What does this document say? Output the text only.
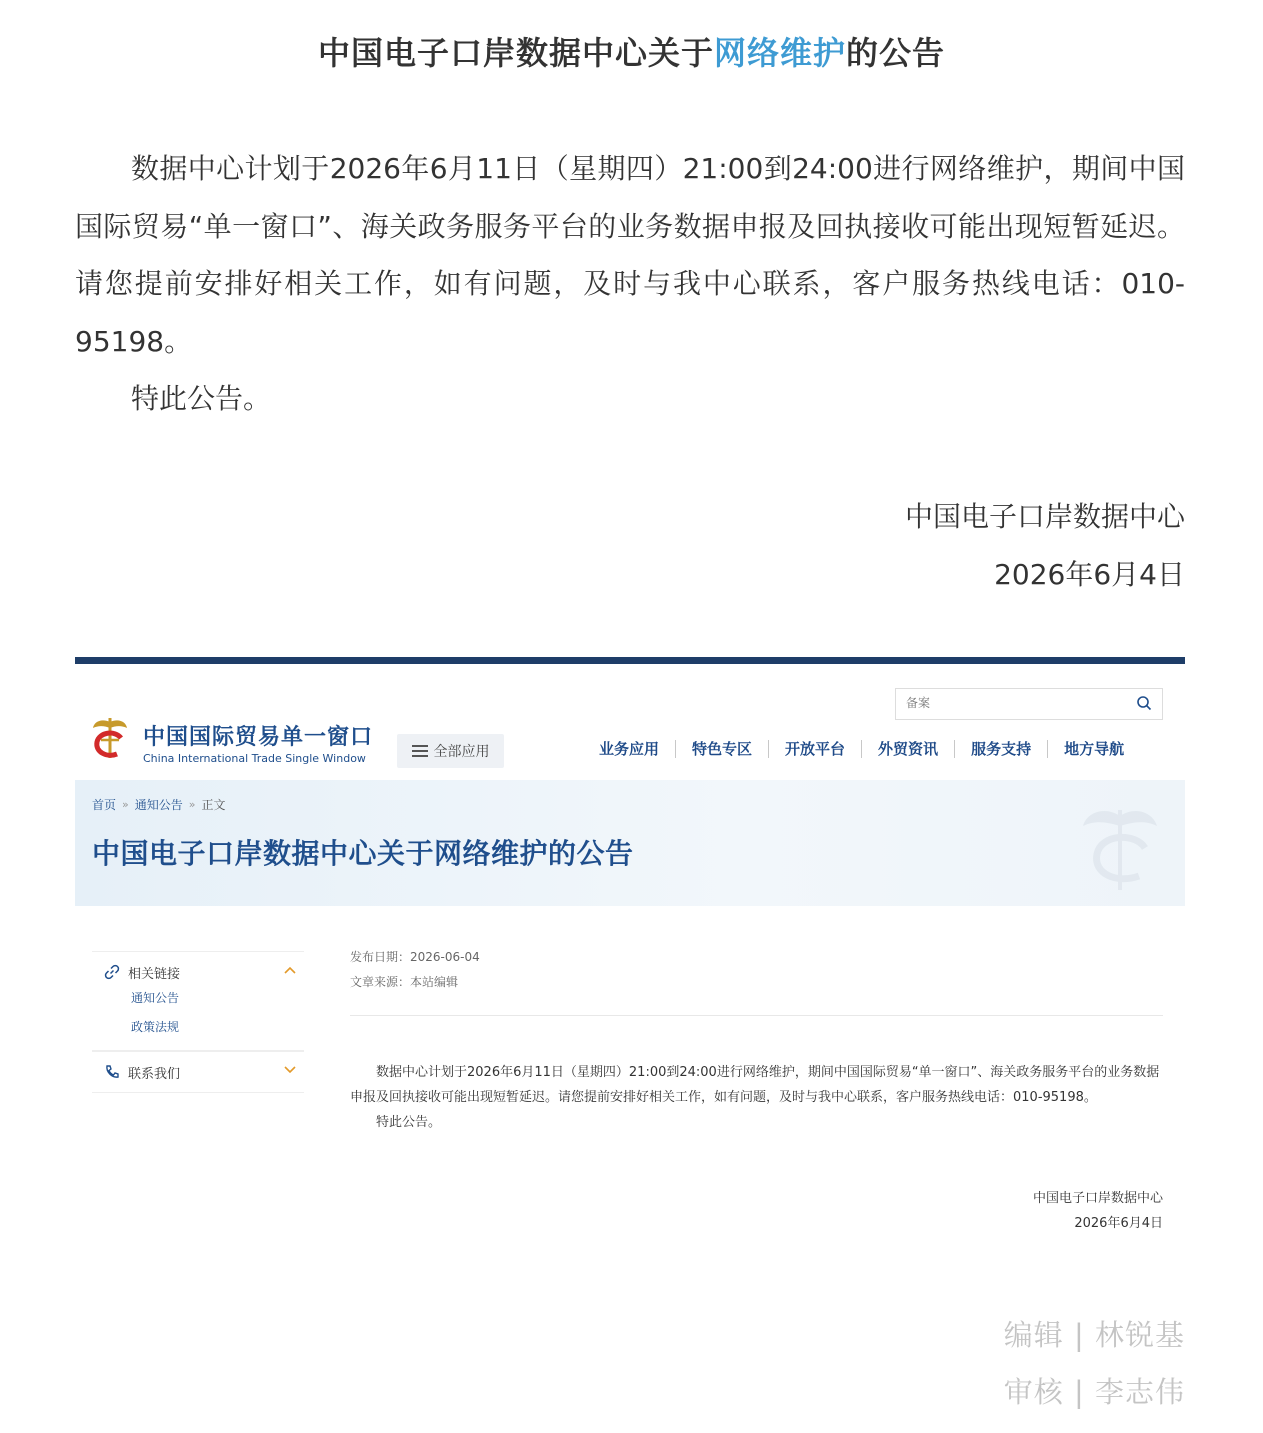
中国电子口岸数据中心关于网络维护的公告

数据中心计划于2026年6月11日（星期四）21:00到24:00进行网络维护，期间中国国际贸易“单一窗口”、海关政务服务平台的业务数据申报及回执接收可能出现短暂延迟。请您提前安排好相关工作，如有问题，及时与我中心联系，客户服务热线电话：010-95198。

特此公告。

中国电子口岸数据中心
2026年6月4日
中国国际贸易单一窗口
China International Trade Single Window	全部应用
备案	业务应用	特色专区	开放平台	外贸资讯	服务支持	地方导航
首页 » 通知公告 » 正文
中国电子口岸数据中心关于网络维护的公告
相关链接
通知公告
政策法规
联系我们
发布日期：2026-06-04
文章来源：本站编辑

数据中心计划于2026年6月11日（星期四）21:00到24:00进行网络维护，期间中国国际贸易“单一窗口”、海关政务服务平台的业务数据申报及回执接收可能出现短暂延迟。请您提前安排好相关工作，如有问题，及时与我中心联系，客户服务热线电话：010-95198。

特此公告。

中国电子口岸数据中心
2026年6月4日
编辑 | 林锐基
审核 | 李志伟
